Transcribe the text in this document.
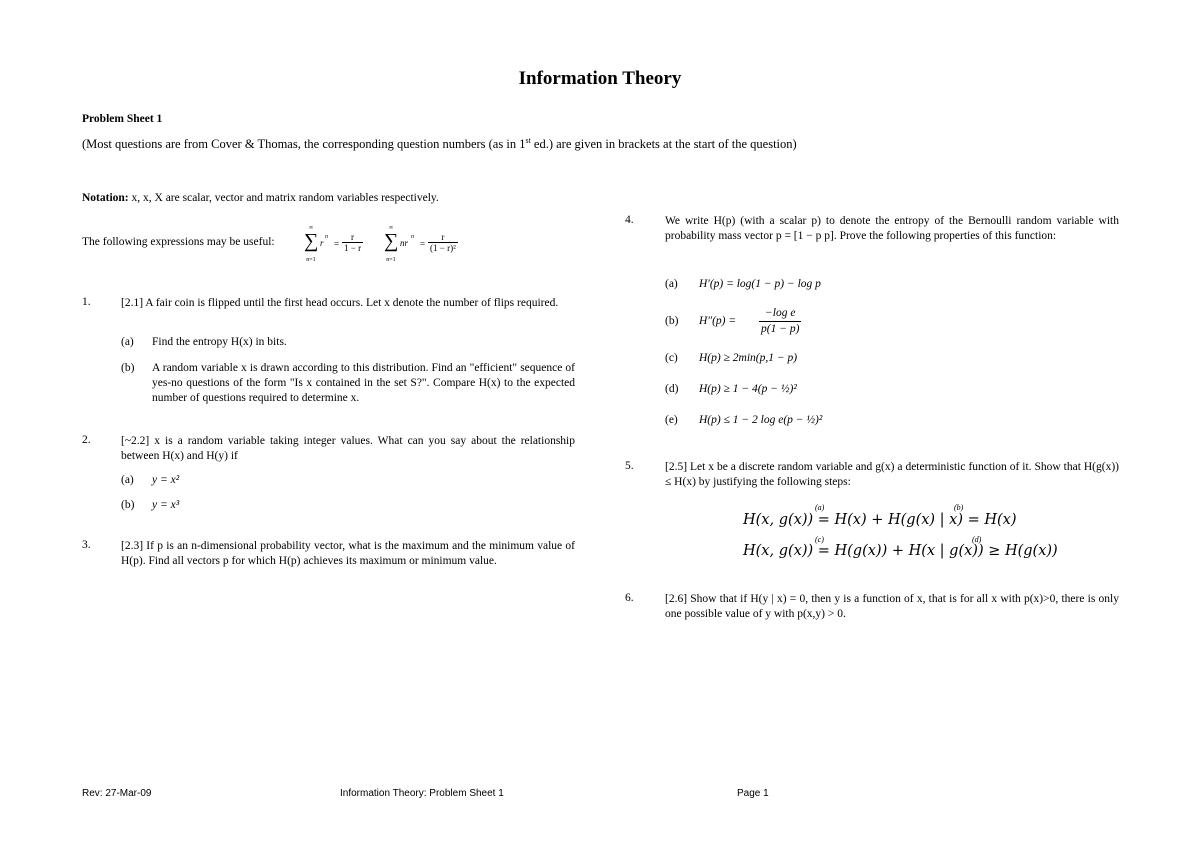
Information Theory
Problem Sheet 1
(Most questions are from Cover & Thomas, the corresponding question numbers (as in 1st ed.) are given in brackets at the start of the question)
Notation: x, x, X are scalar, vector and matrix random variables respectively.
The following expressions may be useful:
∞
∑
n=1
r
n
= $\frac{r}{1 - r}$
∞
∑
n=1
nr
n
= $\frac{r}{\text{(1 − r)²}}$
1.	[2.1] A fair coin is flipped until the first head occurs. Let x denote the number of flips required.
(a) Find the entropy H(x) in bits.
(b) A random variable x is drawn according to this distribution. Find an "efficient" sequence of yes-no questions of the form "Is x contained in the set S?". Compare H(x) to the expected number of questions required to determine x.
2.	[~2.2] x is a random variable taking integer values. What can you say about the relationship between H(x) and H(y) if
(a) y = x²
(b) y = x³
3.	[2.3] If p is an n-dimensional probability vector, what is the maximum and the minimum value of H(p). Find all vectors p for which H(p) achieves its maximum or minimum value.
4.	We write H(p) (with a scalar p) to denote the entropy of the Bernoulli random variable with probability mass vector p = [1 − p p]. Prove the following properties of this function:
(a) H′(p) = log(1 − p) − log p
(b) $H''(p) = \frac{\text{−log e}}{p(1 - p)}$
(c) H(p) ≥ 2min(p,1 − p)
(d) H(p) ≥ 1 − 4(p − ½)²
(e) H(p) ≤ 1 − 2 log e(p − ½)²
5.	[2.5] Let x be a discrete random variable and g(x) a deterministic function of it. Show that H(g(x)) ≤ H(x) by justifying the following steps:
(a)	(b)
H(x, g(x)) = H(x) + H(g(x) | x) = H(x)
(c)	(d)
H(x, g(x)) = H(g(x)) + H(x | g(x)) ≥ H(g(x))
6.	[2.6] Show that if H(y | x) = 0, then y is a function of x, that is for all x with p(x)>0, there is only one possible value of y with p(x,y) > 0.
Rev: 27-Mar-09	Information Theory: Problem Sheet 1	Page 1
